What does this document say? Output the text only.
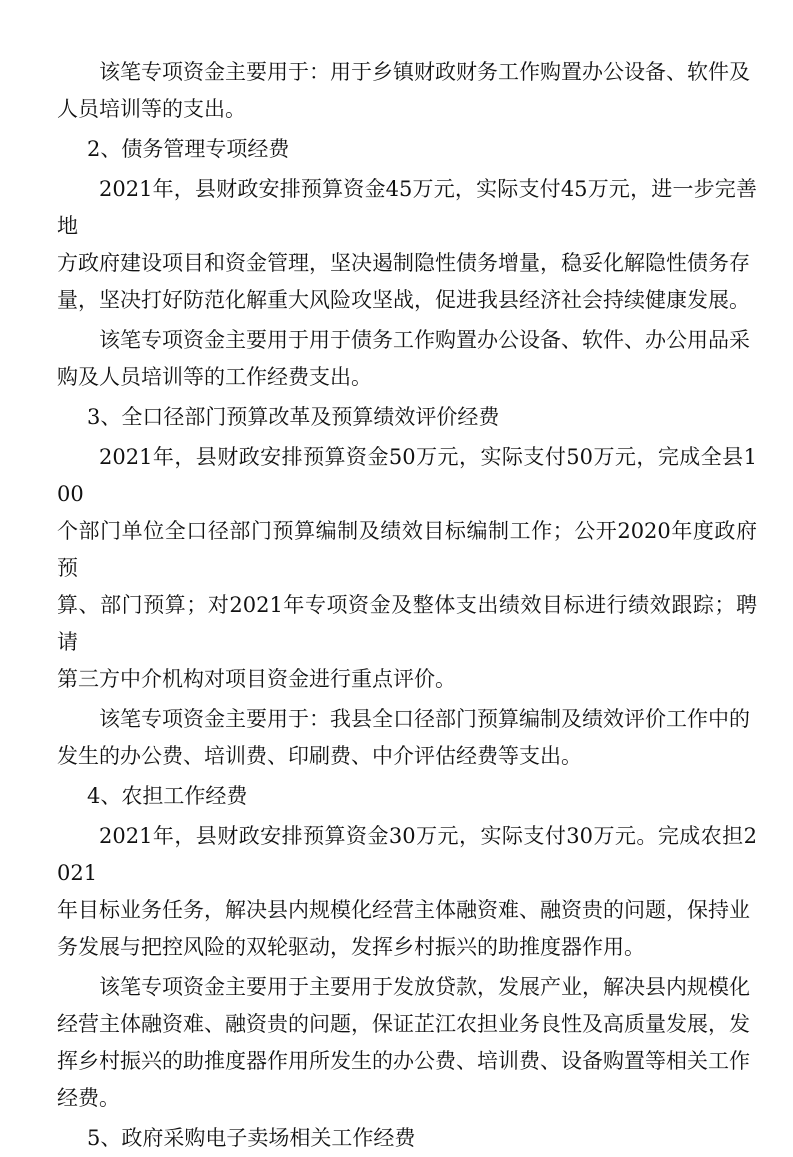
该笔专项资金主要用于：用于乡镇财政财务工作购置办公设备、软件及
人员培训等的支出。

2、债务管理专项经费

2021年，县财政安排预算资金45万元，实际支付45万元，进一步完善地
方政府建设项目和资金管理，坚决遏制隐性债务增量，稳妥化解隐性债务存
量，坚决打好防范化解重大风险攻坚战，促进我县经济社会持续健康发展。

该笔专项资金主要用于用于债务工作购置办公设备、软件、办公用品采
购及人员培训等的工作经费支出。

3、全口径部门预算改革及预算绩效评价经费

2021年，县财政安排预算资金50万元，实际支付50万元，完成全县100
个部门单位全口径部门预算编制及绩效目标编制工作；公开2020年度政府预
算、部门预算；对2021年专项资金及整体支出绩效目标进行绩效跟踪；聘请
第三方中介机构对项目资金进行重点评价。

该笔专项资金主要用于：我县全口径部门预算编制及绩效评价工作中的
发生的办公费、培训费、印刷费、中介评估经费等支出。

4、农担工作经费

2021年，县财政安排预算资金30万元，实际支付30万元。完成农担2021
年目标业务任务，解决县内规模化经营主体融资难、融资贵的问题，保持业
务发展与把控风险的双轮驱动，发挥乡村振兴的助推度器作用。

该笔专项资金主要用于主要用于发放贷款，发展产业，解决县内规模化
经营主体融资难、融资贵的问题，保证芷江农担业务良性及高质量发展，发
挥乡村振兴的助推度器作用所发生的办公费、培训费、设备购置等相关工作
经费。

5、政府采购电子卖场相关工作经费
